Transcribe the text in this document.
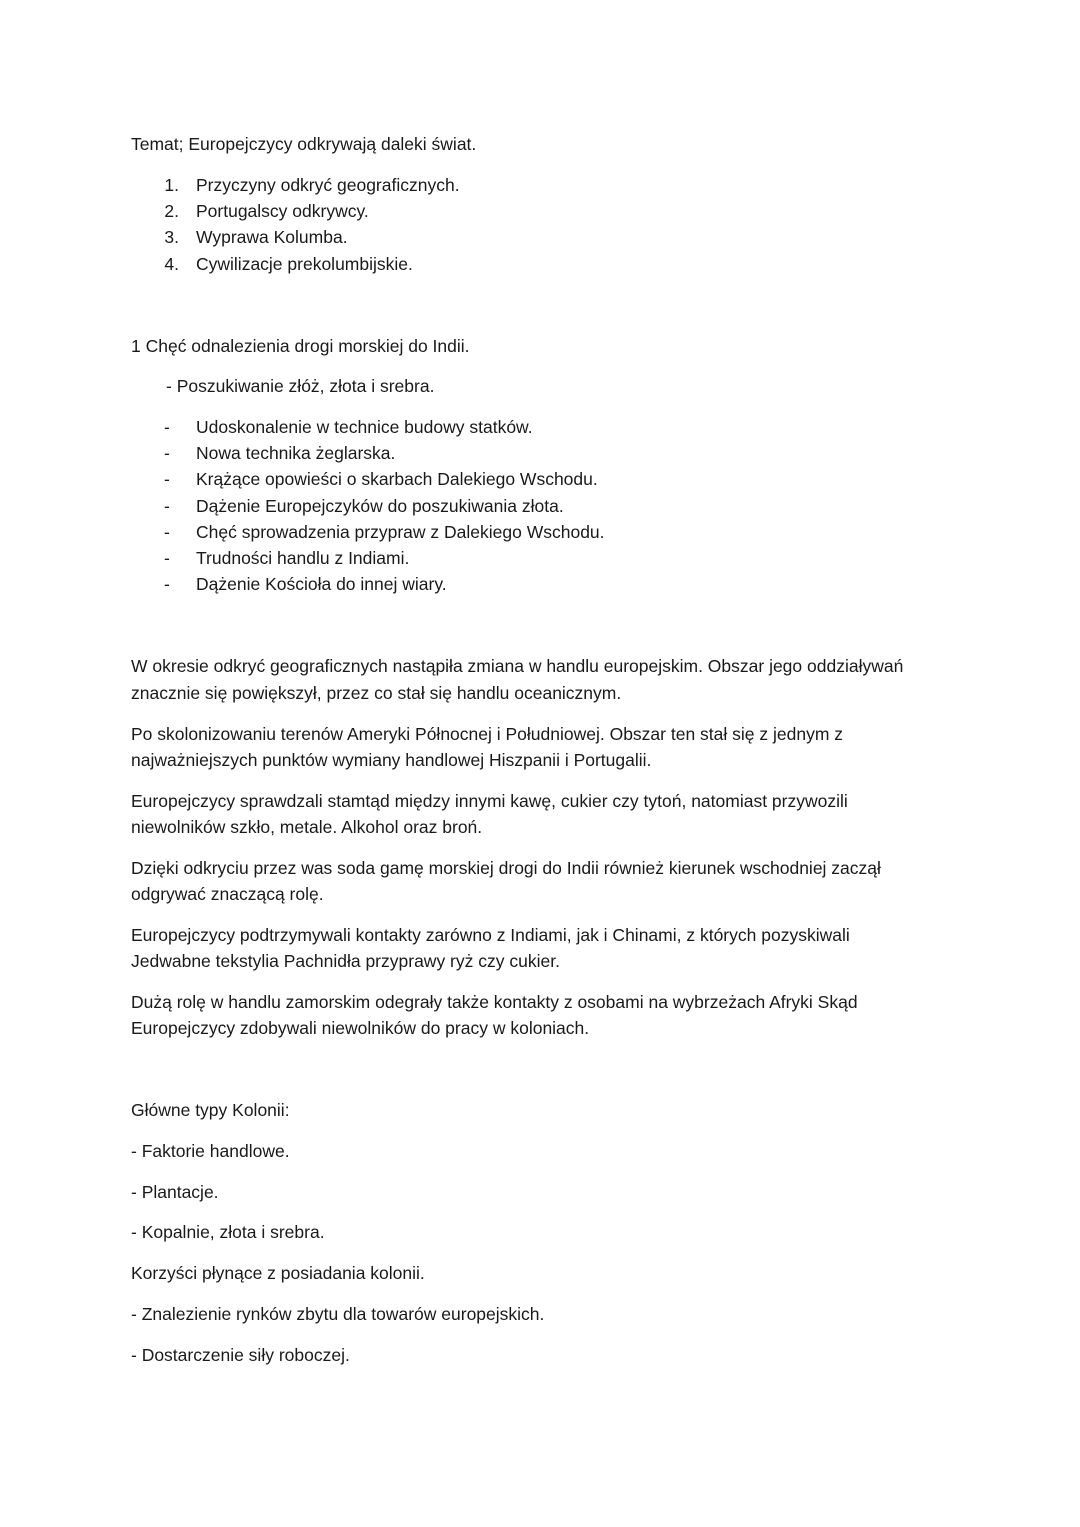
Temat; Europejczycy odkrywają daleki świat.
1. Przyczyny odkryć geograficznych.
2. Portugalscy odkrywcy.
3. Wyprawa Kolumba.
4. Cywilizacje prekolumbijskie.
1 Chęć odnalezienia drogi morskiej do Indii.
- Poszukiwanie złóż, złota i srebra.
- Udoskonalenie w technice budowy statków.
- Nowa technika żeglarska.
- Krążące opowieści o skarbach Dalekiego Wschodu.
- Dążenie Europejczyków do poszukiwania złota.
- Chęć sprowadzenia przypraw z Dalekiego Wschodu.
- Trudności handlu z Indiami.
- Dążenie Kościoła do innej wiary.
W okresie odkryć geograficznych nastąpiła zmiana w handlu europejskim. Obszar jego oddziaływań
znacznie się powiększył, przez co stał się handlu oceanicznym.
Po skolonizowaniu terenów Ameryki Północnej i Południowej. Obszar ten stał się z jednym z
najważniejszych punktów wymiany handlowej Hiszpanii i Portugalii.
Europejczycy sprawdzali stamtąd między innymi kawę, cukier czy tytoń, natomiast przywozili
niewolników szkło, metale. Alkohol oraz broń.
Dzięki odkryciu przez was soda gamę morskiej drogi do Indii również kierunek wschodniej zaczął
odgrywać znaczącą rolę.
Europejczycy podtrzymywali kontakty zarówno z Indiami, jak i Chinami, z których pozyskiwali
Jedwabne tekstylia Pachnidła przyprawy ryż czy cukier.
Dużą rolę w handlu zamorskim odegrały także kontakty z osobami na wybrzeżach Afryki Skąd
Europejczycy zdobywali niewolników do pracy w koloniach.
Główne typy Kolonii:
- Faktorie handlowe.
- Plantacje.
- Kopalnie, złota i srebra.
Korzyści płynące z posiadania kolonii.
- Znalezienie rynków zbytu dla towarów europejskich.
- Dostarczenie siły roboczej.
